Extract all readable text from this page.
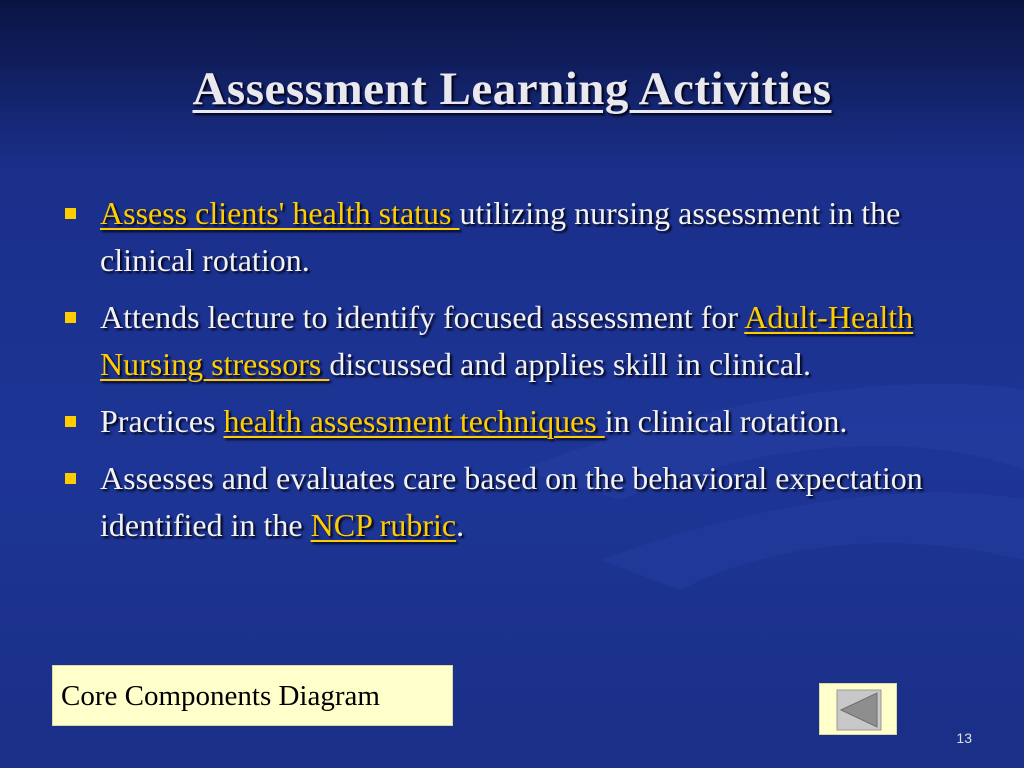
Assessment Learning Activities
Assess clients' health status utilizing nursing assessment in the clinical rotation.
Attends lecture to identify focused assessment for Adult-Health Nursing stressors discussed and applies skill in clinical.
Practices health assessment techniques in clinical rotation.
Assesses and evaluates care based on the behavioral expectation identified in the NCP rubric.
Core Components Diagram
13
